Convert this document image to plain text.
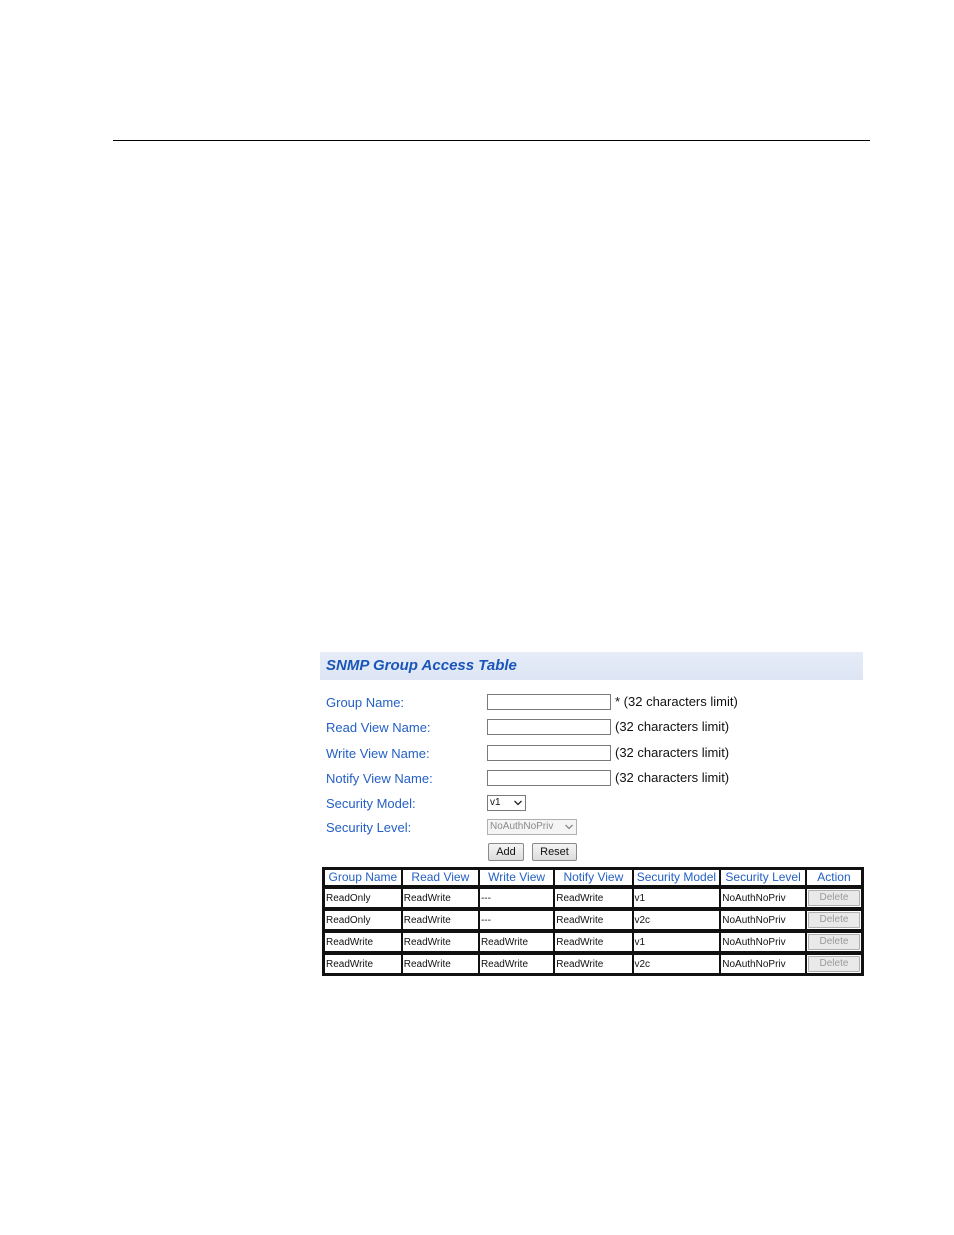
SNMP Group Access Table
Group Name:	* (32 characters limit)
Read View Name:	(32 characters limit)
Write View Name:	(32 characters limit)
Notify View Name:	(32 characters limit)
Security Model:	v1
Security Level:	NoAuthNoPriv
Add	Reset
Group Name	Read View	Write View	Notify View	Security Model	Security Level	Action
ReadOnly	ReadWrite	---	ReadWrite	v1	NoAuthNoPriv	Delete
ReadOnly	ReadWrite	---	ReadWrite	v2c	NoAuthNoPriv	Delete
ReadWrite	ReadWrite	ReadWrite	ReadWrite	v1	NoAuthNoPriv	Delete
ReadWrite	ReadWrite	ReadWrite	ReadWrite	v2c	NoAuthNoPriv	Delete
